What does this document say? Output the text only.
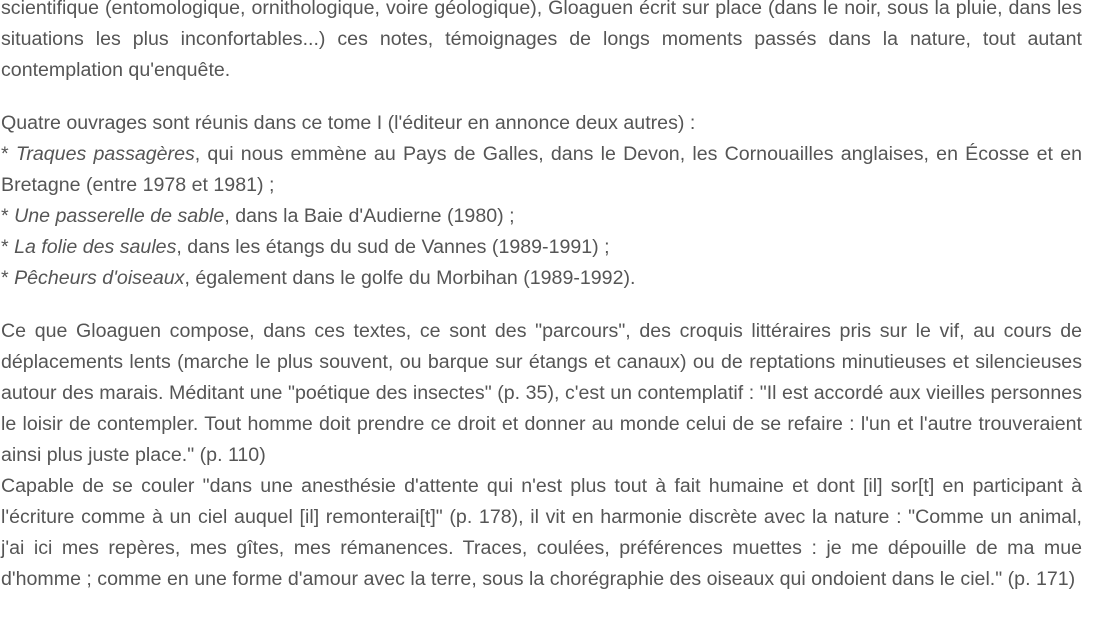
scientifique (entomologique, ornithologique, voire géologique), Gloaguen écrit sur place (dans le noir, sous la pluie, dans les situations les plus inconfortables...) ces notes, témoignages de longs moments passés dans la nature, tout autant contemplation qu'enquête.

Quatre ouvrages sont réunis dans ce tome I (l'éditeur en annonce deux autres) :
* Traques passagères, qui nous emmène au Pays de Galles, dans le Devon, les Cornouailles anglaises, en Écosse et en Bretagne (entre 1978 et 1981) ;
* Une passerelle de sable, dans la Baie d'Audierne (1980) ;
* La folie des saules, dans les étangs du sud de Vannes (1989-1991) ;
* Pêcheurs d'oiseaux, également dans le golfe du Morbihan (1989-1992).

Ce que Gloaguen compose, dans ces textes, ce sont des "parcours", des croquis littéraires pris sur le vif, au cours de déplacements lents (marche le plus souvent, ou barque sur étangs et canaux) ou de reptations minutieuses et silencieuses autour des marais. Méditant une "poétique des insectes" (p. 35), c'est un contemplatif : "Il est accordé aux vieilles personnes le loisir de contempler. Tout homme doit prendre ce droit et donner au monde celui de se refaire : l'un et l'autre trouveraient ainsi plus juste place." (p. 110)
Capable de se couler "dans une anesthésie d'attente qui n'est plus tout à fait humaine et dont [il] sor[t] en participant à l'écriture comme à un ciel auquel [il] remonterai[t]" (p. 178), il vit en harmonie discrète avec la nature : "Comme un animal, j'ai ici mes repères, mes gîtes, mes rémanences. Traces, coulées, préférences muettes : je me dépouille de ma mue d'homme ; comme en une forme d'amour avec la terre, sous la chorégraphie des oiseaux qui ondoient dans le ciel." (p. 171)
